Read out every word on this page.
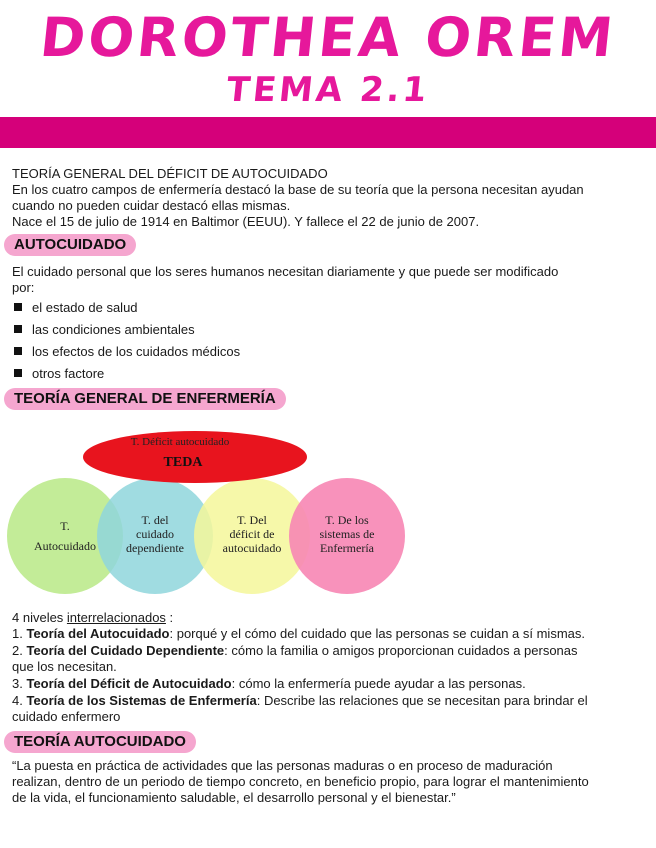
DOROTHEA OREM
TEMA 2.1
TEORÍA GENERAL DEL DÉFICIT DE AUTOCUIDADO
En los cuatro campos de enfermería destacó la base de su teoría que la persona necesitan ayudan
cuando no pueden cuidar destacó ellas mismas.
Nace el 15 de julio de 1914 en Baltimor (EEUU). Y fallece el 22 de junio de 2007.
AUTOCUIDADO
El cuidado personal que los seres humanos necesitan diariamente y que puede ser modificado
por:
el estado de salud
las condiciones ambientales
los efectos de los cuidados médicos
otros factore
TEORÍA GENERAL DE ENFERMERÍA
T. Déficit autocuidado
TEDA
T.
Autocuidado
T. del
cuidado
dependiente
T. Del
déficit de
autocuidado
T. De los
sistemas de
Enfermería
4 niveles interrelacionados :
1. Teoría del Autocuidado: porqué y el cómo del cuidado que las personas se cuidan a sí mismas.
2. Teoría del Cuidado Dependiente: cómo la familia o amigos proporcionan cuidados a personas
que los necesitan.
3. Teoría del Déficit de Autocuidado: cómo la enfermería puede ayudar a las personas.
4. Teoría de los Sistemas de Enfermería: Describe las relaciones que se necesitan para brindar el
cuidado enfermero
TEORÍA AUTOCUIDADO
“La puesta en práctica de actividades que las personas maduras o en proceso de maduración
realizan, dentro de un periodo de tiempo concreto, en beneficio propio, para lograr el mantenimiento
de la vida, el funcionamiento saludable, el desarrollo personal y el bienestar.”
